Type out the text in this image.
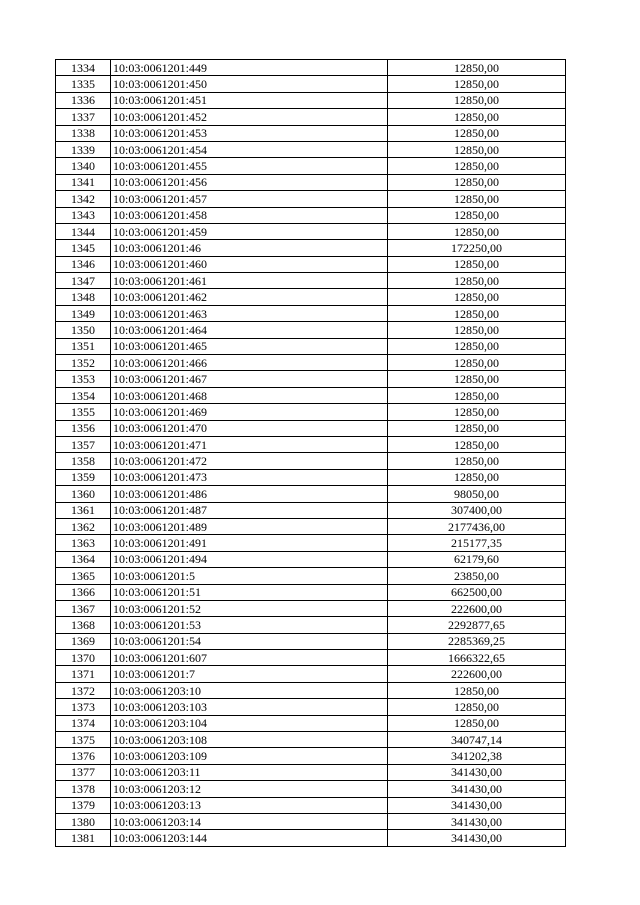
1334	10:03:0061201:449	12850,00
1335	10:03:0061201:450	12850,00
1336	10:03:0061201:451	12850,00
1337	10:03:0061201:452	12850,00
1338	10:03:0061201:453	12850,00
1339	10:03:0061201:454	12850,00
1340	10:03:0061201:455	12850,00
1341	10:03:0061201:456	12850,00
1342	10:03:0061201:457	12850,00
1343	10:03:0061201:458	12850,00
1344	10:03:0061201:459	12850,00
1345	10:03:0061201:46	172250,00
1346	10:03:0061201:460	12850,00
1347	10:03:0061201:461	12850,00
1348	10:03:0061201:462	12850,00
1349	10:03:0061201:463	12850,00
1350	10:03:0061201:464	12850,00
1351	10:03:0061201:465	12850,00
1352	10:03:0061201:466	12850,00
1353	10:03:0061201:467	12850,00
1354	10:03:0061201:468	12850,00
1355	10:03:0061201:469	12850,00
1356	10:03:0061201:470	12850,00
1357	10:03:0061201:471	12850,00
1358	10:03:0061201:472	12850,00
1359	10:03:0061201:473	12850,00
1360	10:03:0061201:486	98050,00
1361	10:03:0061201:487	307400,00
1362	10:03:0061201:489	2177436,00
1363	10:03:0061201:491	215177,35
1364	10:03:0061201:494	62179,60
1365	10:03:0061201:5	23850,00
1366	10:03:0061201:51	662500,00
1367	10:03:0061201:52	222600,00
1368	10:03:0061201:53	2292877,65
1369	10:03:0061201:54	2285369,25
1370	10:03:0061201:607	1666322,65
1371	10:03:0061201:7	222600,00
1372	10:03:0061203:10	12850,00
1373	10:03:0061203:103	12850,00
1374	10:03:0061203:104	12850,00
1375	10:03:0061203:108	340747,14
1376	10:03:0061203:109	341202,38
1377	10:03:0061203:11	341430,00
1378	10:03:0061203:12	341430,00
1379	10:03:0061203:13	341430,00
1380	10:03:0061203:14	341430,00
1381	10:03:0061203:144	341430,00
